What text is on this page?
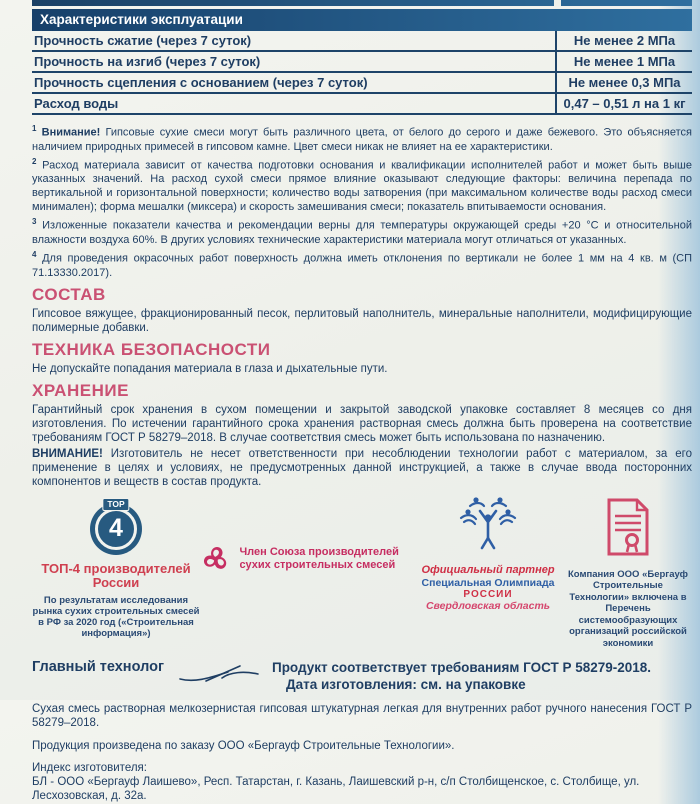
Характеристики эксплуатации
Прочность сжатие (через 7 суток)	Не менее 2 МПа
Прочность на изгиб (через 7 суток)	Не менее 1 МПа
Прочность сцепления с основанием (через 7 суток)	Не менее 0,3 МПа
Расход воды	0,47 – 0,51 л на 1 кг

$^1$ Внимание! Гипсовые сухие смеси могут быть различного цвета, от белого до серого и даже бежевого. Это объясняется наличием природных примесей в гипсовом камне. Цвет смеси никак не влияет на ее характеристики.

$^2$ Расход материала зависит от качества подготовки основания и квалификации исполнителей работ и может быть выше указанных значений. На расход сухой смеси прямое влияние оказывают следующие факторы: величина перепада по вертикальной и горизонтальной поверхности; количество воды затворения (при максимальном количестве воды расход смеси минимален); форма мешалки (миксера) и скорость замешивания смеси; показатель впитываемости основания.

$^3$ Изложенные показатели качества и рекомендации верны для температуры окружающей среды +20 °C и относительной влажности воздуха 60%. В других условиях технические характеристики материала могут отличаться от указанных.

$^4$ Для проведения окрасочных работ поверхность должна иметь отклонения по вертикали не более 1 мм на 4 кв. м (СП 71.13330.2017).

СОСТАВ
Гипсовое вяжущее, фракционированный песок, перлитовый наполнитель, минеральные наполнители, модифицирующие полимерные добавки.
ТЕХНИКА БЕЗОПАСНОСТИ
Не допускайте попадания материала в глаза и дыхательные пути.
ХРАНЕНИЕ
Гарантийный срок хранения в сухом помещении и закрытой заводской упаковке составляет 8 месяцев со дня изготовления. По истечении гарантийного срока хранения растворная смесь должна быть проверена на соответствие требованиям ГОСТ Р 58279–2018. В случае соответствия смесь может быть использована по назначению.
ВНИМАНИЕ! Изготовитель не несет ответственности при несоблюдении технологии работ с материалом, за его применение в целях и условиях, не предусмотренных данной инструкцией, а также в случае ввода посторонних компонентов и веществ в состав продукта.
4
TOP
ТОП-4 производителей России
По результатам исследования рынка сухих строительных смесей в РФ за 2020 год («Строительная информация»)
Член Союза производителей сухих строительных смесей	Официальный партнер
Специальная Олимпиада
РОССИИ
Свердловская область
Компания ООО «Бергауф Строительные Технологии» включена в Перечень системообразующих организаций российской экономики
Главный технолог	Продукт соответствует требованиям ГОСТ Р 58279-2018.
Дата изготовления: см. на упаковке
Сухая смесь растворная мелкозернистая гипсовая штукатурная легкая для внутренних работ ручного нанесения ГОСТ Р 58279–2018.

Продукция произведена по заказу ООО «Бергауф Строительные Технологии».

Индекс изготовителя:

БЛ - ООО «Бергауф Лаишево», Респ. Татарстан, г. Казань, Лаишевский р-н, с/п Столбищенское, с. Столбище, ул. Лесхозовская, д. 32а.
